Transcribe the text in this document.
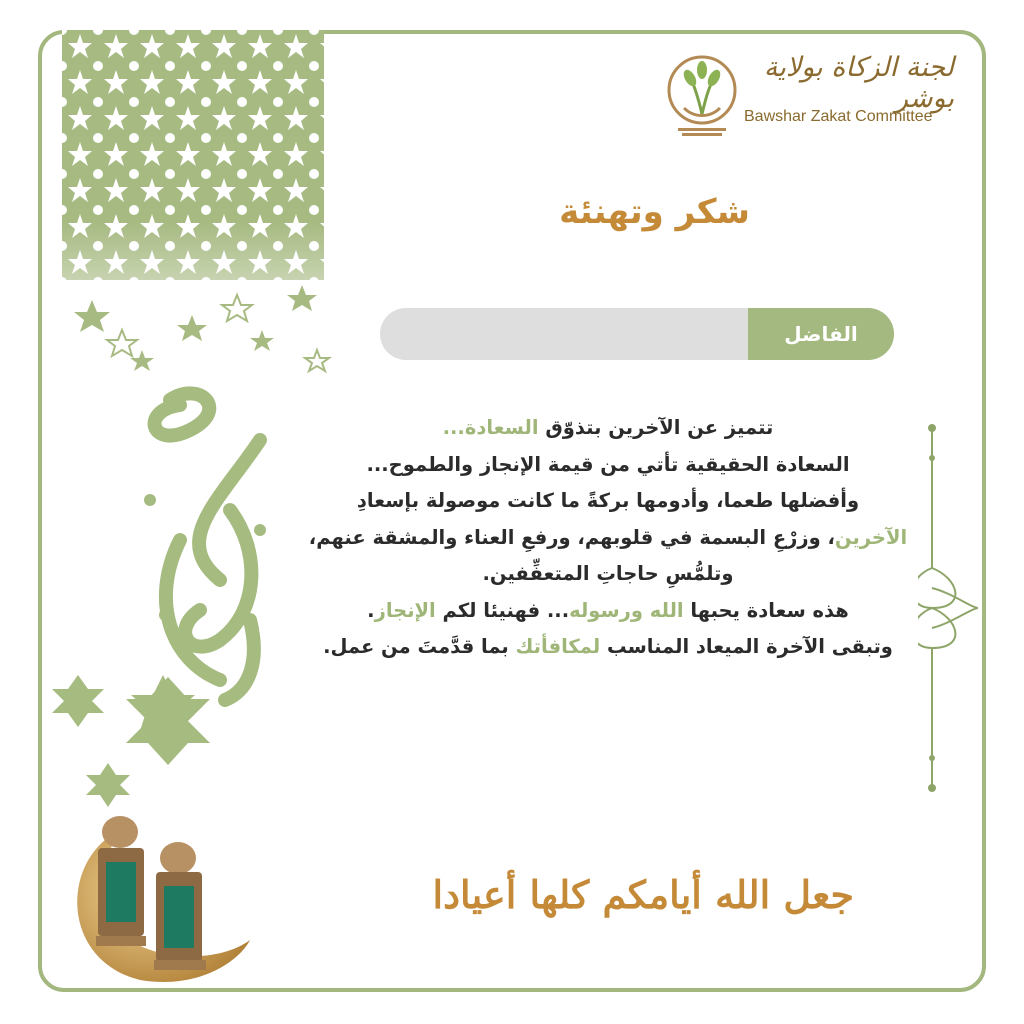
لجنة الزكاة بولاية بوشر
Bawshar Zakat Committee
شكر وتهنئة
الفاضل

تتميز عن الآخرين بتذوّق السعادة...

السعادة الحقيقية تأتي من قيمة الإنجاز والطموح...

وأفضلها طعما، وأدومها بركةً ما كانت موصولة بإسعادِ

الآخرين، وزرْعِ البسمة في قلوبهم، ورفعِ العناء والمشقة عنهم،

وتلمُّسِ حاجاتِ المتعفِّفين.

هذه سعادة يحبها الله ورسوله... فهنيئا لكم الإنجاز.

وتبقى الآخرة الميعاد المناسب لمكافأتك بما قدَّمتَ من عمل.

جعل الله أيامكم كلها أعيادا
